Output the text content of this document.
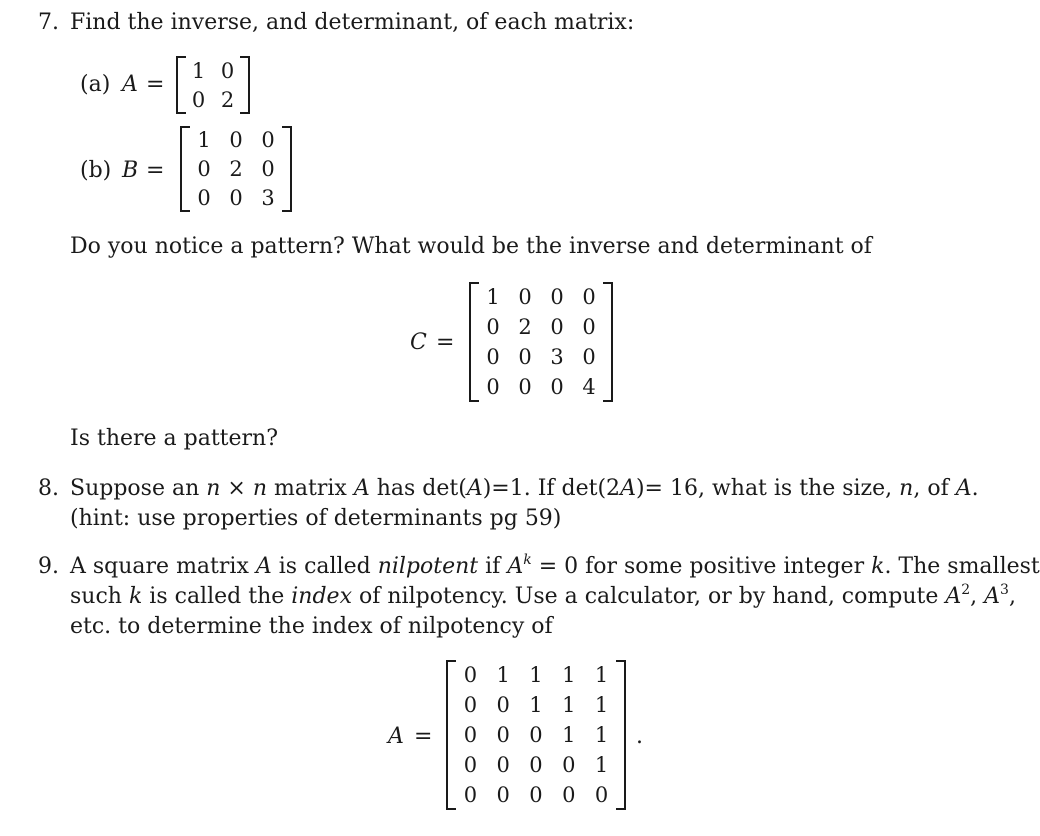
7. Find the inverse, and determinant, of each matrix:
(a) A =
1 0
0 2
(b) B =
1 0 0
0 2 0
0 0 3
Do you notice a pattern? What would be the inverse and determinant of
C =
1 0 0 0
0 2 0 0
0 0 3 0
0 0 0 4
Is there a pattern?
8. Suppose an n × n matrix A has det(A)=1. If det(2A)= 16, what is the size, n, of A.
(hint: use properties of determinants pg 59)
9. A square matrix A is called nilpotent if $A^k = 0$ for some positive integer k. The smallest
such k is called the index of nilpotency. Use a calculator, or by hand, compute $A^2$, $A^3$,
etc. to determine the index of nilpotency of
A =
0 1 1 1 1
0 0 1 1 1
0 0 0 1 1
0 0 0 0 1
0 0 0 0 0
.
